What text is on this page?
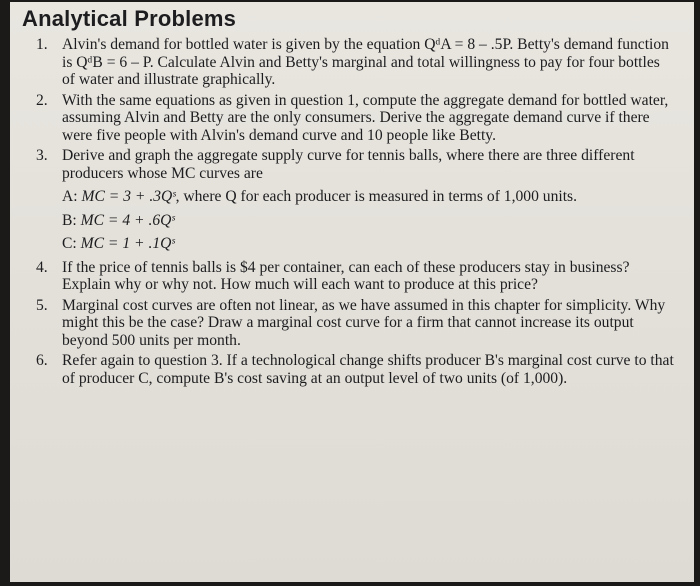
Analytical Problems
1. Alvin's demand for bottled water is given by the equation QᵈA = 8 – .5P. Betty's demand function is QᵈB = 6 – P. Calculate Alvin and Betty's marginal and total willingness to pay for four bottles of water and illustrate graphically.
2. With the same equations as given in question 1, compute the aggregate demand for bottled water, assuming Alvin and Betty are the only consumers. Derive the aggregate demand curve if there were five people with Alvin's demand curve and 10 people like Betty.
3. Derive and graph the aggregate supply curve for tennis balls, where there are three different producers whose MC curves are
A: MC = 3 + .3Qˢ, where Q for each producer is measured in terms of 1,000 units.
B: MC = 4 + .6Qˢ
C: MC = 1 + .1Qˢ
4. If the price of tennis balls is $4 per container, can each of these producers stay in business? Explain why or why not. How much will each want to produce at this price?
5. Marginal cost curves are often not linear, as we have assumed in this chapter for simplicity. Why might this be the case? Draw a marginal cost curve for a firm that cannot increase its output beyond 500 units per month.
6. Refer again to question 3. If a technological change shifts producer B's marginal cost curve to that of producer C, compute B's cost saving at an output level of two units (of 1,000).
